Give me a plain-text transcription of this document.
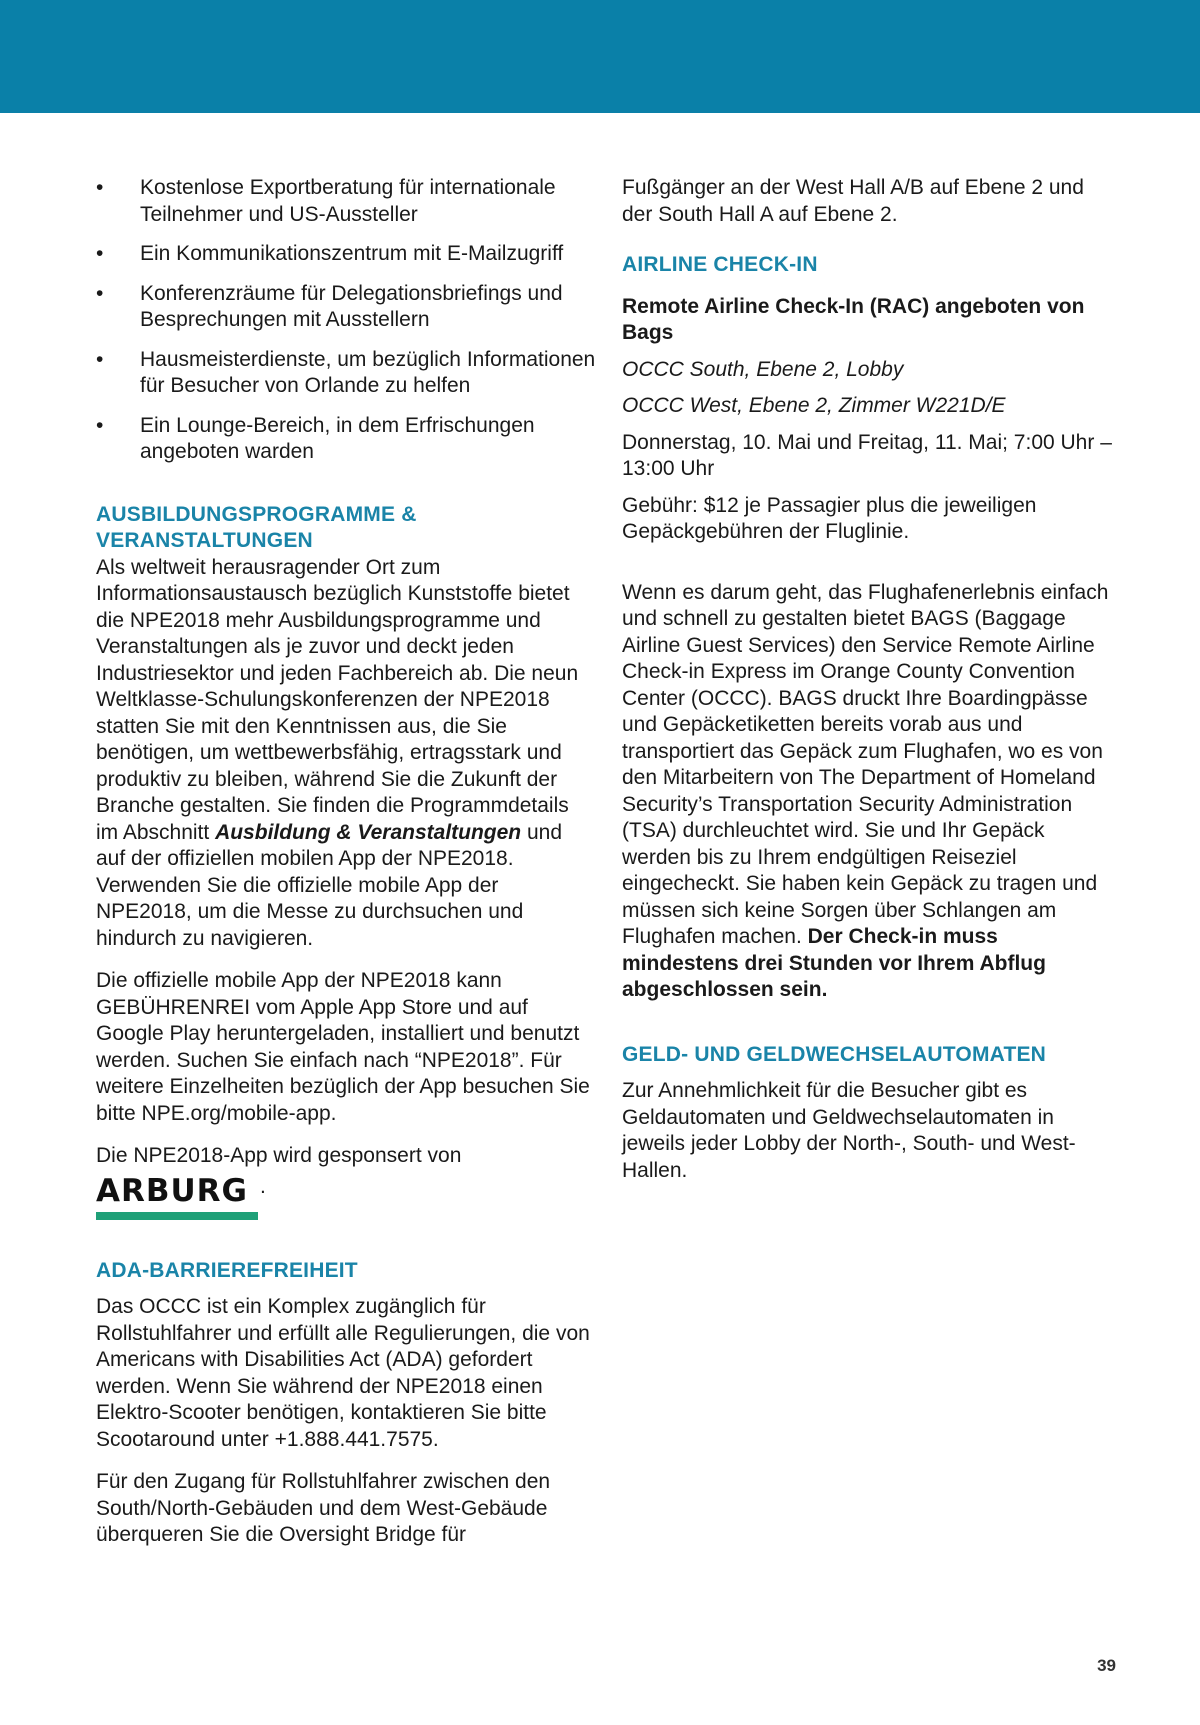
• Kostenlose Exportberatung für internationale Teilnehmer und US-Aussteller
• Ein Kommunikationszentrum mit E-Mailzugriff
• Konferenzräume für Delegationsbriefings und Besprechungen mit Ausstellern
• Hausmeisterdienste, um bezüglich Informationen für Besucher von Orlande zu helfen
• Ein Lounge-Bereich, in dem Erfrischungen angeboten warden
AUSBILDUNGSPROGRAMME & VERANSTALTUNGEN

Als weltweit herausragender Ort zum Informationsaustausch bezüglich Kunststoffe bietet die NPE2018 mehr Ausbildungsprogramme und Veranstaltungen als je zuvor und deckt jeden Industriesektor und jeden Fachbereich ab. Die neun Weltklasse-Schulungskonferenzen der NPE2018 statten Sie mit den Kenntnissen aus, die Sie benötigen, um wettbewerbsfähig, ertragsstark und produktiv zu bleiben, während Sie die Zukunft der Branche gestalten. Sie finden die Programmdetails im Abschnitt Ausbildung & Veranstaltungen und auf der offiziellen mobilen App der NPE2018. Verwenden Sie die offizielle mobile App der NPE2018, um die Messe zu durchsuchen und hindurch zu navigieren.

Die offizielle mobile App der NPE2018 kann GEBÜHRENREI vom Apple App Store und auf Google Play heruntergeladen, installiert und benutzt werden. Suchen Sie einfach nach “NPE2018”. Für weitere Einzelheiten bezüglich der App besuchen Sie bitte NPE.org/mobile-app.

Die NPE2018-App wird gesponsert von

ARBURG .
ADA-BARRIEREFREIHEIT

Das OCCC ist ein Komplex zugänglich für Rollstuhlfahrer und erfüllt alle Regulierungen, die von Americans with Disabilities Act (ADA) gefordert werden. Wenn Sie während der NPE2018 einen Elektro-Scooter benötigen, kontaktieren Sie bitte Scootaround unter +1.888.441.7575.

Für den Zugang für Rollstuhlfahrer zwischen den South/North-Gebäuden und dem West-Gebäude überqueren Sie die Oversight Bridge für

Fußgänger an der West Hall A/B auf Ebene 2 und der South Hall A auf Ebene 2.

AIRLINE CHECK-IN

Remote Airline Check-In (RAC) angeboten von Bags

OCCC South, Ebene 2, Lobby

OCCC West, Ebene 2, Zimmer W221D/E

Donnerstag, 10. Mai und Freitag, 11. Mai; 7:00 Uhr – 13:00 Uhr

Gebühr: $12 je Passagier plus die jeweiligen Gepäckgebühren der Fluglinie.

Wenn es darum geht, das Flughafenerlebnis einfach und schnell zu gestalten bietet BAGS (Baggage Airline Guest Services) den Service Remote Airline Check-in Express im Orange County Convention Center (OCCC). BAGS druckt Ihre Boardingpässe und Gepäcketiketten bereits vorab aus und transportiert das Gepäck zum Flughafen, wo es von den Mitarbeitern von The Department of Homeland Security’s Transportation Security Administration (TSA) durchleuchtet wird. Sie und Ihr Gepäck werden bis zu Ihrem endgültigen Reiseziel eingecheckt. Sie haben kein Gepäck zu tragen und müssen sich keine Sorgen über Schlangen am Flughafen machen. Der Check-in muss mindestens drei Stunden vor Ihrem Abflug abgeschlossen sein.

GELD- UND GELDWECHSELAUTOMATEN

Zur Annehmlichkeit für die Besucher gibt es Geldautomaten und Geldwechselautomaten in jeweils jeder Lobby der North-, South- und West-Hallen.

39
